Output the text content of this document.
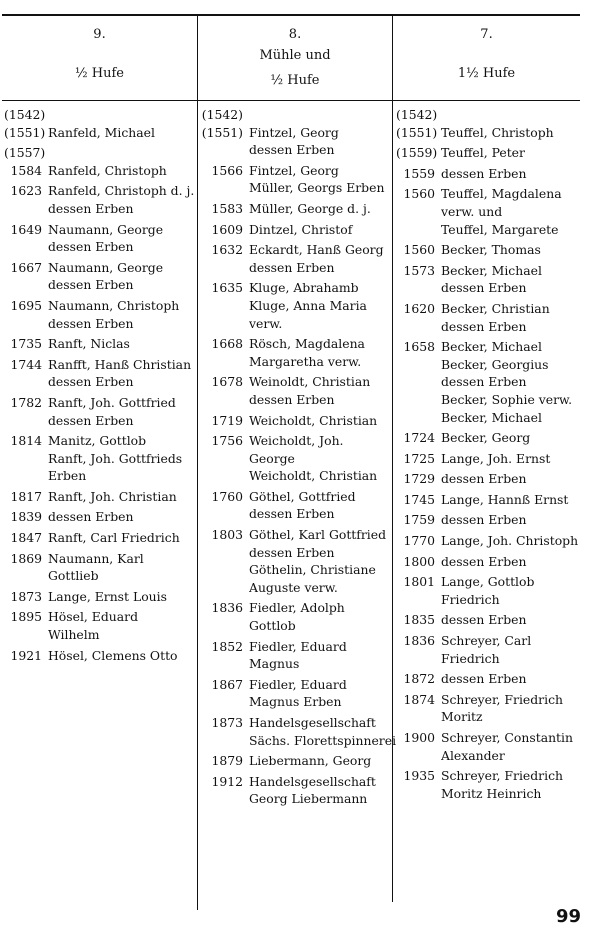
9.
½ Hufe
8.
Mühle und
½ Hufe
7.
1½ Hufe
(1542)
(1551) Ranfeld, Michael
(1557)
1584 Ranfeld, Christoph
1623 Ranfeld, Christoph d. j.
dessen Erben
1649 Naumann, George
dessen Erben
1667 Naumann, George
dessen Erben
1695 Naumann, Christoph
dessen Erben
1735 Ranft, Niclas
1744 Ranfft, Hanß Christian
dessen Erben
1782 Ranft, Joh. Gottfried
dessen Erben
1814 Manitz, Gottlob
Ranft, Joh. Gottfrieds
Erben
1817 Ranft, Joh. Christian
1839 dessen Erben
1847 Ranft, Carl Friedrich
1869 Naumann, Karl
Gottlieb
1873 Lange, Ernst Louis
1895 Hösel, Eduard
Wilhelm
1921 Hösel, Clemens Otto
(1542)
(1551) Fintzel, Georg
dessen Erben
1566 Fintzel, Georg
Müller, Georgs Erben
1583 Müller, George d. j.
1609 Dintzel, Christof
1632 Eckardt, Hanß Georg
dessen Erben
1635 Kluge, Abrahamb
Kluge, Anna Maria
verw.
1668 Rösch, Magdalena
Margaretha verw.
1678 Weinoldt, Christian
dessen Erben
1719 Weicholdt, Christian
1756 Weicholdt, Joh.
George
Weicholdt, Christian
1760 Göthel, Gottfried
dessen Erben
1803 Göthel, Karl Gottfried
dessen Erben
Göthelin, Christiane
Auguste verw.
1836 Fiedler, Adolph
Gottlob
1852 Fiedler, Eduard
Magnus
1867 Fiedler, Eduard
Magnus Erben
1873 Handelsgesellschaft
Sächs. Florettspinnerei
1879 Liebermann, Georg
1912 Handelsgesellschaft
Georg Liebermann
(1542)
(1551) Teuffel, Christoph
(1559) Teuffel, Peter
1559 dessen Erben
1560 Teuffel, Magdalena
verw. und
Teuffel, Margarete
1560 Becker, Thomas
1573 Becker, Michael
dessen Erben
1620 Becker, Christian
dessen Erben
1658 Becker, Michael
Becker, Georgius
dessen Erben
Becker, Sophie verw.
Becker, Michael
1724 Becker, Georg
1725 Lange, Joh. Ernst
1729 dessen Erben
1745 Lange, Hannß Ernst
1759 dessen Erben
1770 Lange, Joh. Christoph
1800 dessen Erben
1801 Lange, Gottlob
Friedrich
1835 dessen Erben
1836 Schreyer, Carl
Friedrich
1872 dessen Erben
1874 Schreyer, Friedrich
Moritz
1900 Schreyer, Constantin
Alexander
1935 Schreyer, Friedrich
Moritz Heinrich
99
